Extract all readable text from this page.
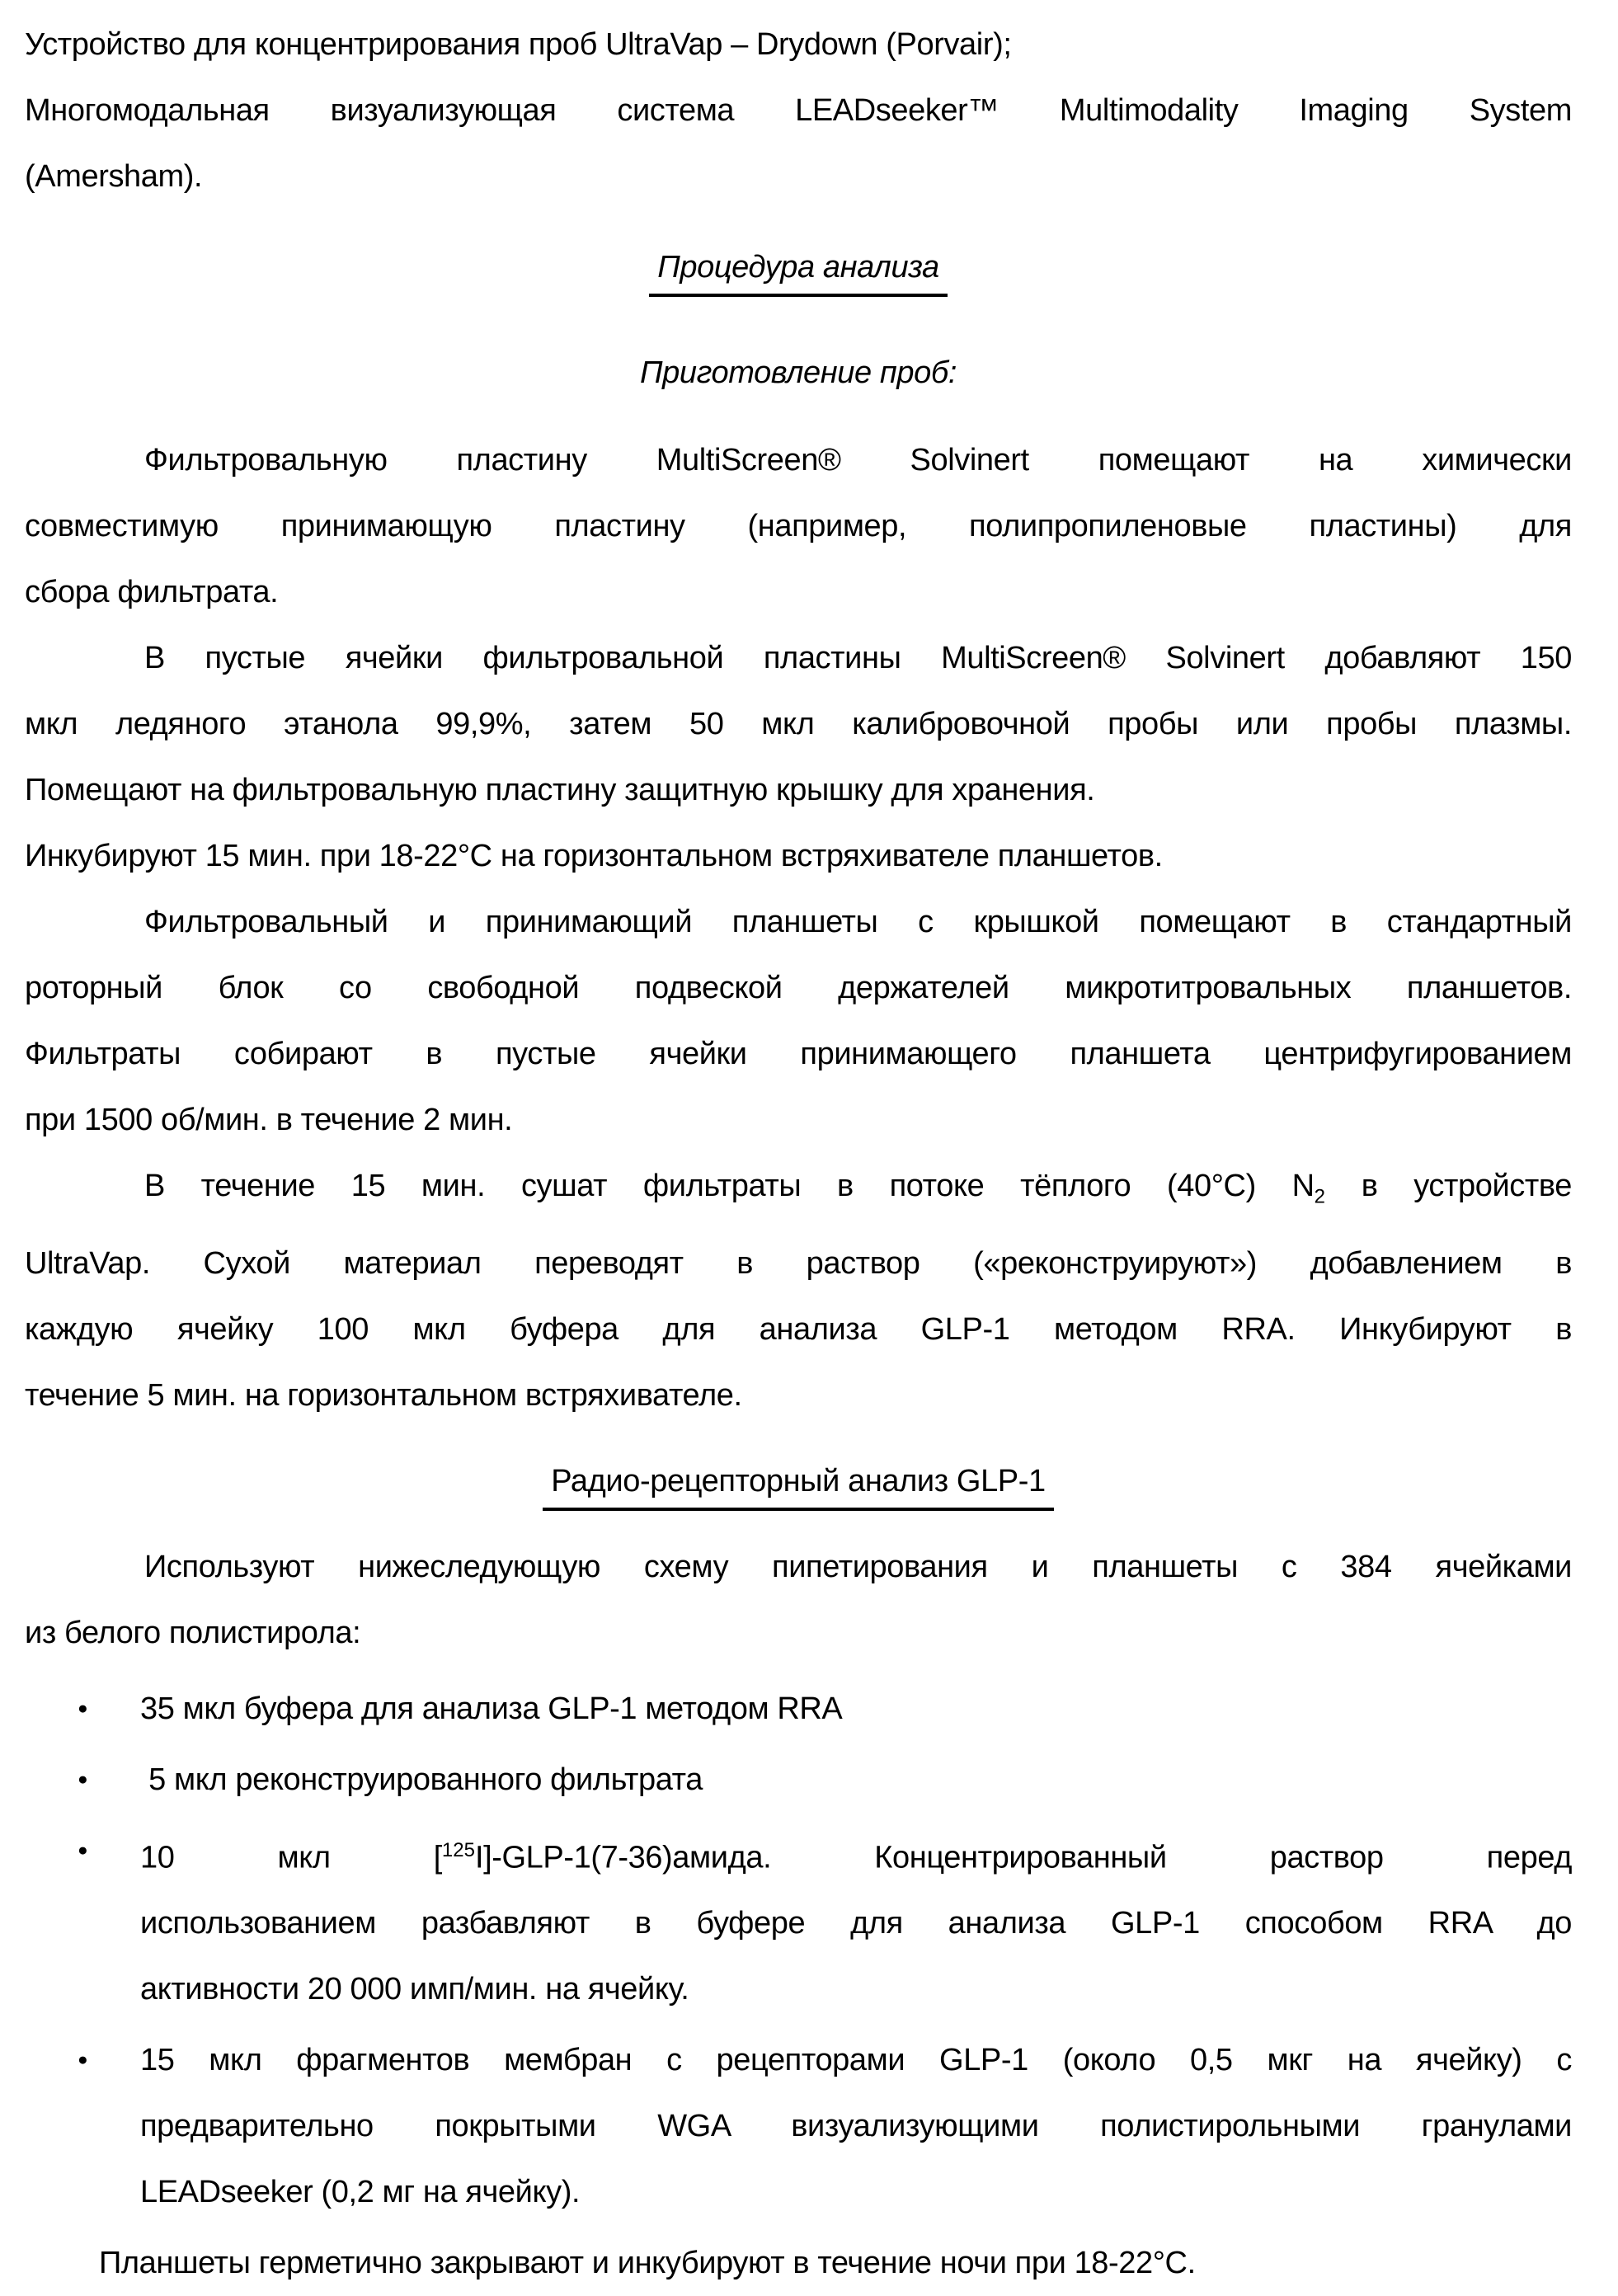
Устройство для концентрирования проб UltraVap – Drydown (Porvair);
Многомодальная визуализующая система LEADseeker™ Multimodality Imaging System
(Amersham).
Процедура анализа
Приготовление проб:
Фильтровальную пластину MultiScreen® Solvinert помещают на химически
совместимую принимающую пластину (например, полипропиленовые пластины) для
сбора фильтрата.
В пустые ячейки фильтровальной пластины MultiScreen® Solvinert добавляют 150
мкл ледяного этанола 99,9%, затем 50 мкл калибровочной пробы или пробы плазмы.
Помещают на фильтровальную пластину защитную крышку для хранения.
Инкубируют 15 мин. при 18-22°C на горизонтальном встряхивателе планшетов.
Фильтровальный и принимающий планшеты с крышкой помещают в стандартный
роторный блок со свободной подвеской держателей микротитровальных планшетов.
Фильтраты собирают в пустые ячейки принимающего планшета центрифугированием
при 1500 об/мин. в течение 2 мин.
В течение 15 мин. сушат фильтраты в потоке тёплого (40°C) $N_2$ в устройстве
UltraVap. Сухой материал переводят в раствор («реконструируют») добавлением в
каждую ячейку 100 мкл буфера для анализа GLP-1 методом RRA. Инкубируют в
течение 5 мин. на горизонтальном встряхивателе.
Радио-рецепторный анализ GLP-1
Используют нижеследующую схему пипетирования и планшеты с 384 ячейками
из белого полистирола:
●	35 мкл буфера для анализа GLP-1 методом RRA
●	5 мкл реконструированного фильтрата
●	10 мкл [$^{125}$I]-GLP-1(7-36)амида. Концентрированный раствор перед
использованием разбавляют в буфере для анализа GLP-1 способом RRA до
активности 20 000 имп/мин. на ячейку.
●	15 мкл фрагментов мембран с рецепторами GLP-1 (около 0,5 мкг на ячейку) с
предварительно покрытыми WGA визуализующими полистирольными гранулами
LEADseeker (0,2 мг на ячейку).
Планшеты герметично закрывают и инкубируют в течение ночи при 18-22°C.
